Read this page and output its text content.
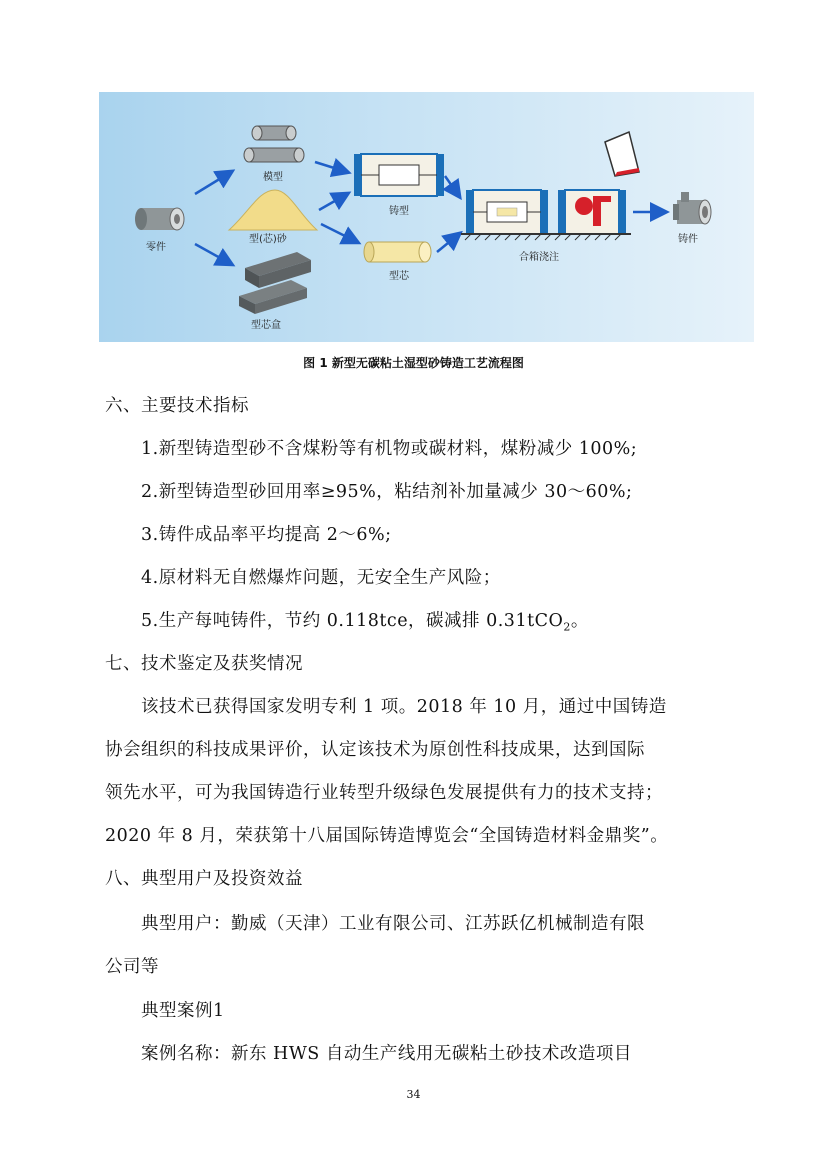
零件
模型
型(芯)砂
型芯盒
铸型
型芯
合箱浇注
铸件
图 1 新型无碳粘土湿型砂铸造工艺流程图
六、主要技术指标
1.新型铸造型砂不含煤粉等有机物或碳材料，煤粉减少 100%;
2.新型铸造型砂回用率≥95%，粘结剂补加量减少 30～60%;
3.铸件成品率平均提高 2～6%;
4.原材料无自燃爆炸问题，无安全生产风险；
5.生产每吨铸件，节约 0.118tce，碳减排 0.31tCO$_2$。
七、技术鉴定及获奖情况
该技术已获得国家发明专利 1 项。2018 年 10 月，通过中国铸造
协会组织的科技成果评价，认定该技术为原创性科技成果，达到国际
领先水平，可为我国铸造行业转型升级绿色发展提供有力的技术支持；
2020 年 8 月，荣获第十八届国际铸造博览会“全国铸造材料金鼎奖”。
八、典型用户及投资效益
典型用户：勤威（天津）工业有限公司、江苏跃亿机械制造有限
公司等
典型案例1
案例名称：新东 HWS 自动生产线用无碳粘土砂技术改造项目
34
